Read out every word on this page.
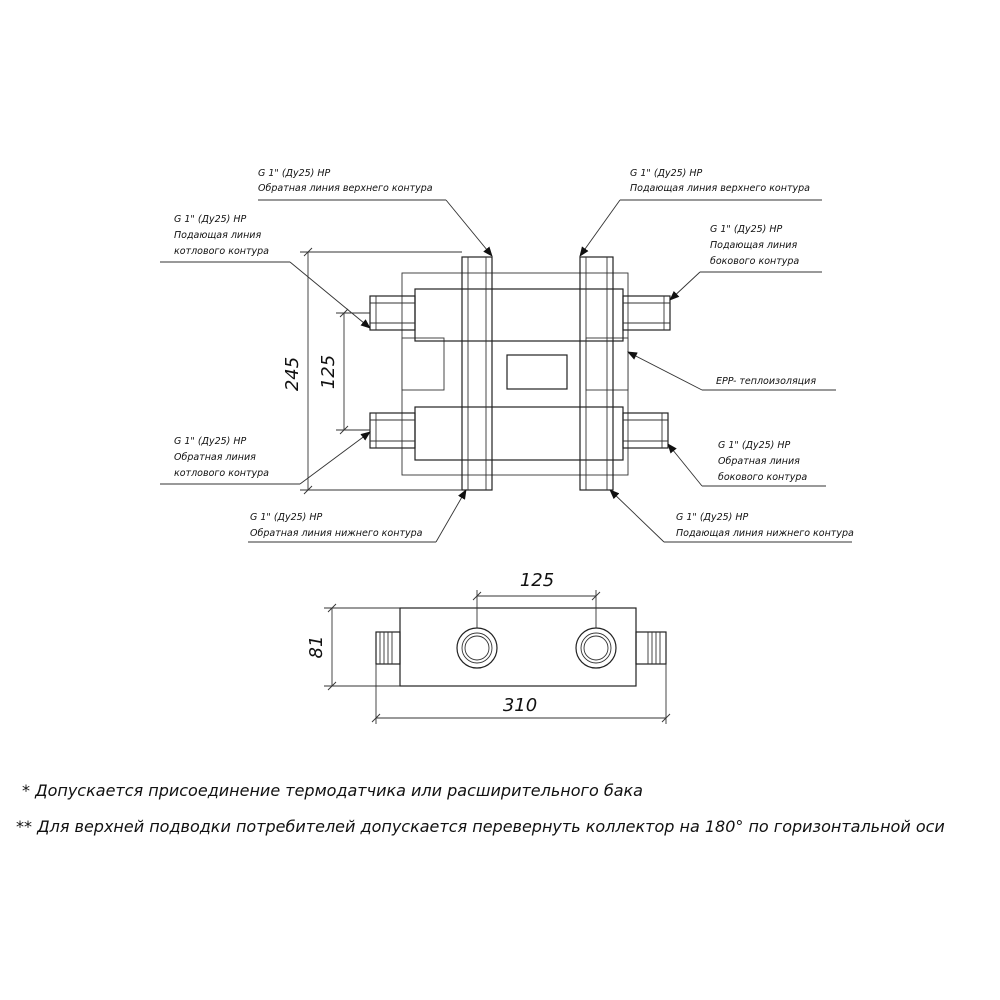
245 125
G 1" (Ду25) НР
Обратная линия верхнего контура
G 1" (Ду25) НР
Подающая линия верхнего контура
G 1" (Ду25) НР
Подающая линия
котлового контура
G 1" (Ду25) НР
Подающая линия
бокового контура
EPP- теплоизоляция
G 1" (Ду25) НР
Обратная линия
котлового контура
G 1" (Ду25) НР
Обратная линия
бокового контура
G 1" (Ду25) НР
Обратная линия нижнего контура
G 1" (Ду25) НР
Подающая линия нижнего контура
125
81
310
* Допускается присоединение термодатчика или расширительного бака
** Для верхней подводки потребителей допускается перевернуть коллектор на 180° по горизонтальной оси
